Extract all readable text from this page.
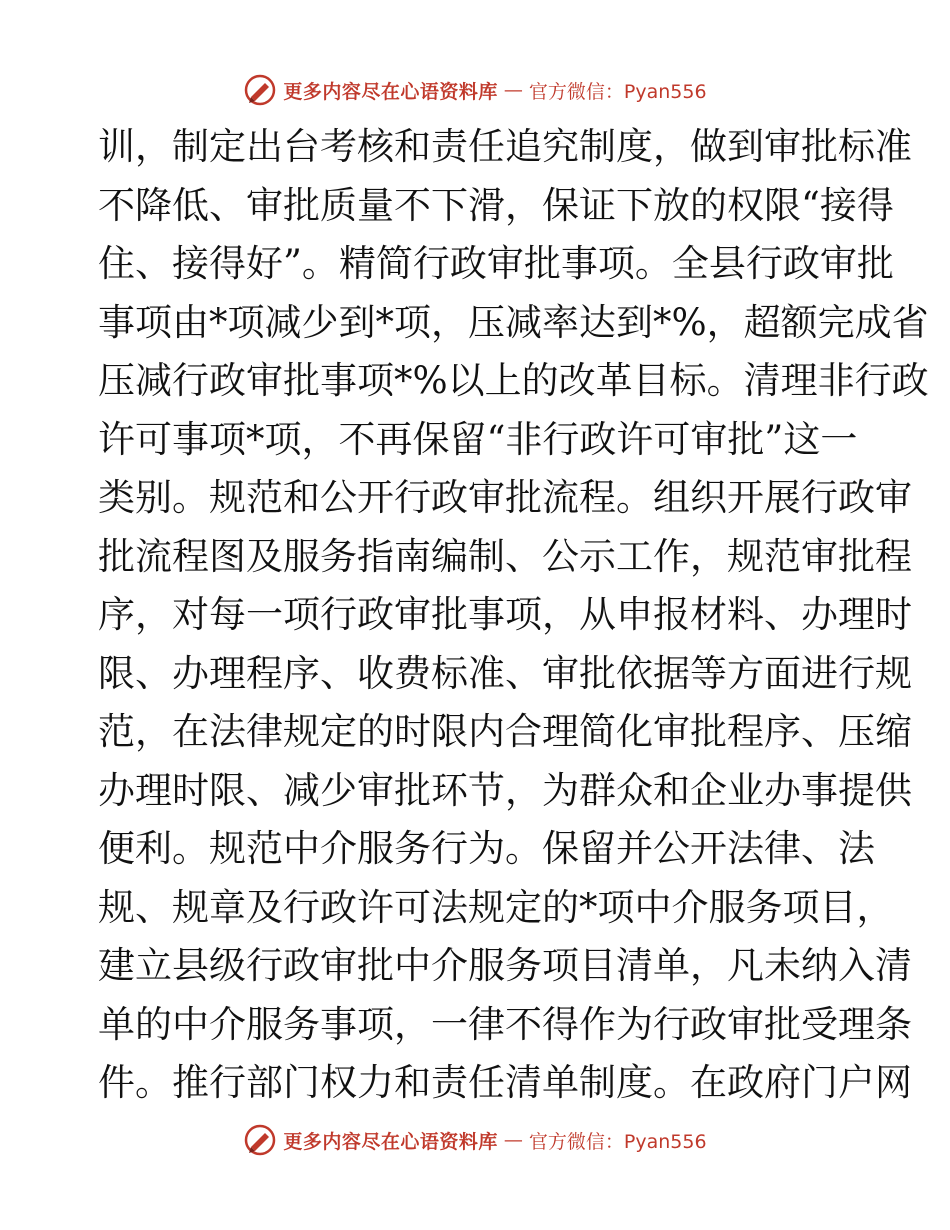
更多内容尽在心语资料库 — 官方微信：Pyan556
训，制定出台考核和责任追究制度，做到审批标准
不降低、审批质量不下滑，保证下放的权限“接得
住、接得好”。精简行政审批事项。全县行政审批
事项由*项减少到*项，压减率达到*%，超额完成省
压减行政审批事项*%以上的改革目标。清理非行政
许可事项*项，不再保留“非行政许可审批”这一
类别。规范和公开行政审批流程。组织开展行政审
批流程图及服务指南编制、公示工作，规范审批程
序，对每一项行政审批事项，从申报材料、办理时
限、办理程序、收费标准、审批依据等方面进行规
范，在法律规定的时限内合理简化审批程序、压缩
办理时限、减少审批环节，为群众和企业办事提供
便利。规范中介服务行为。保留并公开法律、法
规、规章及行政许可法规定的*项中介服务项目，
建立县级行政审批中介服务项目清单，凡未纳入清
单的中介服务事项，一律不得作为行政审批受理条
件。推行部门权力和责任清单制度。在政府门户网
更多内容尽在心语资料库 — 官方微信：Pyan556
